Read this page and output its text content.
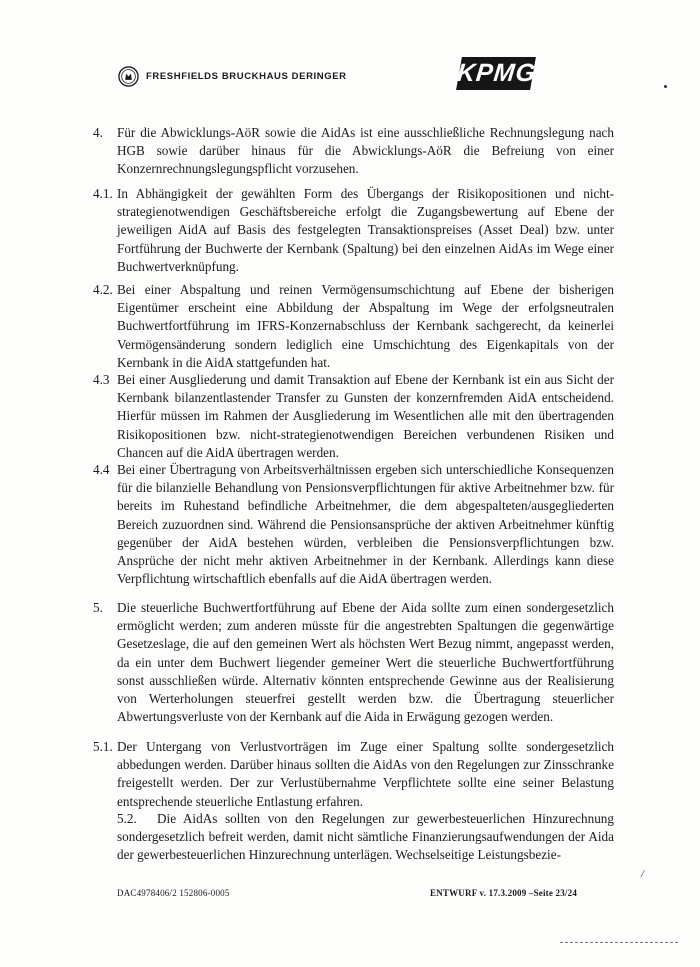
FRESHFIELDS BRUCKHAUS DERINGER	KPMG
4. Für die Abwicklungs-AöR sowie die AidAs ist eine ausschließliche Rechnungslegung nach HGB sowie darüber hinaus für die Abwicklungs-AöR die Befreiung von einer Konzernrechnungslegungspflicht vorzusehen.
4.1. In Abhängigkeit der gewählten Form des Übergangs der Risikopositionen und nicht-strategienotwendigen Geschäftsbereiche erfolgt die Zugangsbewertung auf Ebene der jeweiligen AidA auf Basis des festgelegten Transaktionspreises (Asset Deal) bzw. unter Fortführung der Buchwerte der Kernbank (Spaltung) bei den einzelnen AidAs im Wege einer Buchwertverknüpfung.
4.2. Bei einer Abspaltung und reinen Vermögensumschichtung auf Ebene der bisherigen Eigentümer erscheint eine Abbildung der Abspaltung im Wege der erfolgsneutralen Buchwertfortführung im IFRS-Konzernabschluss der Kernbank sachgerecht, da keinerlei Vermögensänderung sondern lediglich eine Umschichtung des Eigenkapitals von der Kernbank in die AidA stattgefunden hat.
4.3 Bei einer Ausgliederung und damit Transaktion auf Ebene der Kernbank ist ein aus Sicht der Kernbank bilanzentlastender Transfer zu Gunsten der konzernfremden AidA entscheidend. Hierfür müssen im Rahmen der Ausgliederung im Wesentlichen alle mit den übertragenden Risikopositionen bzw. nicht-strategienotwendigen Bereichen verbundenen Risiken und Chancen auf die AidA übertragen werden.
4.4 Bei einer Übertragung von Arbeitsverhältnissen ergeben sich unterschiedliche Konsequenzen für die bilanzielle Behandlung von Pensionsverpflichtungen für aktive Arbeitnehmer bzw. für bereits im Ruhestand befindliche Arbeitnehmer, die dem abgespalteten/ausgegliederten Bereich zuzuordnen sind. Während die Pensionsansprüche der aktiven Arbeitnehmer künftig gegenüber der AidA bestehen würden, verbleiben die Pensionsverpflichtungen bzw. Ansprüche der nicht mehr aktiven Arbeitnehmer in der Kernbank. Allerdings kann diese Verpflichtung wirtschaftlich ebenfalls auf die AidA übertragen werden.
5. Die steuerliche Buchwertfortführung auf Ebene der Aida sollte zum einen sondergesetzlich ermöglicht werden; zum anderen müsste für die angestrebten Spaltungen die gegenwärtige Gesetzeslage, die auf den gemeinen Wert als höchsten Wert Bezug nimmt, angepasst werden, da ein unter dem Buchwert liegender gemeiner Wert die steuerliche Buchwertfortführung sonst ausschließen würde. Alternativ könnten entsprechende Gewinne aus der Realisierung von Werterholungen steuerfrei gestellt werden bzw. die Übertragung steuerlicher Abwertungsverluste von der Kernbank auf die Aida in Erwägung gezogen werden.
5.1. Der Untergang von Verlustvorträgen im Zuge einer Spaltung sollte sondergesetzlich abbedungen werden. Darüber hinaus sollten die AidAs von den Regelungen zur Zinsschranke freigestellt werden. Der zur Verlustübernahme Verpflichtete sollte eine seiner Belastung entsprechende steuerliche Entlastung erfahren.
5.2. Die AidAs sollten von den Regelungen zur gewerbesteuerlichen Hinzurechnung sondergesetzlich befreit werden, damit nicht sämtliche Finanzierungsaufwendungen der Aida der gewerbesteuerlichen Hinzurechnung unterlägen. Wechselseitige Leistungsbezie-
/
DAC4978406/2 152806-0005	ENTWURF v. 17.3.2009 –Seite 23/24
